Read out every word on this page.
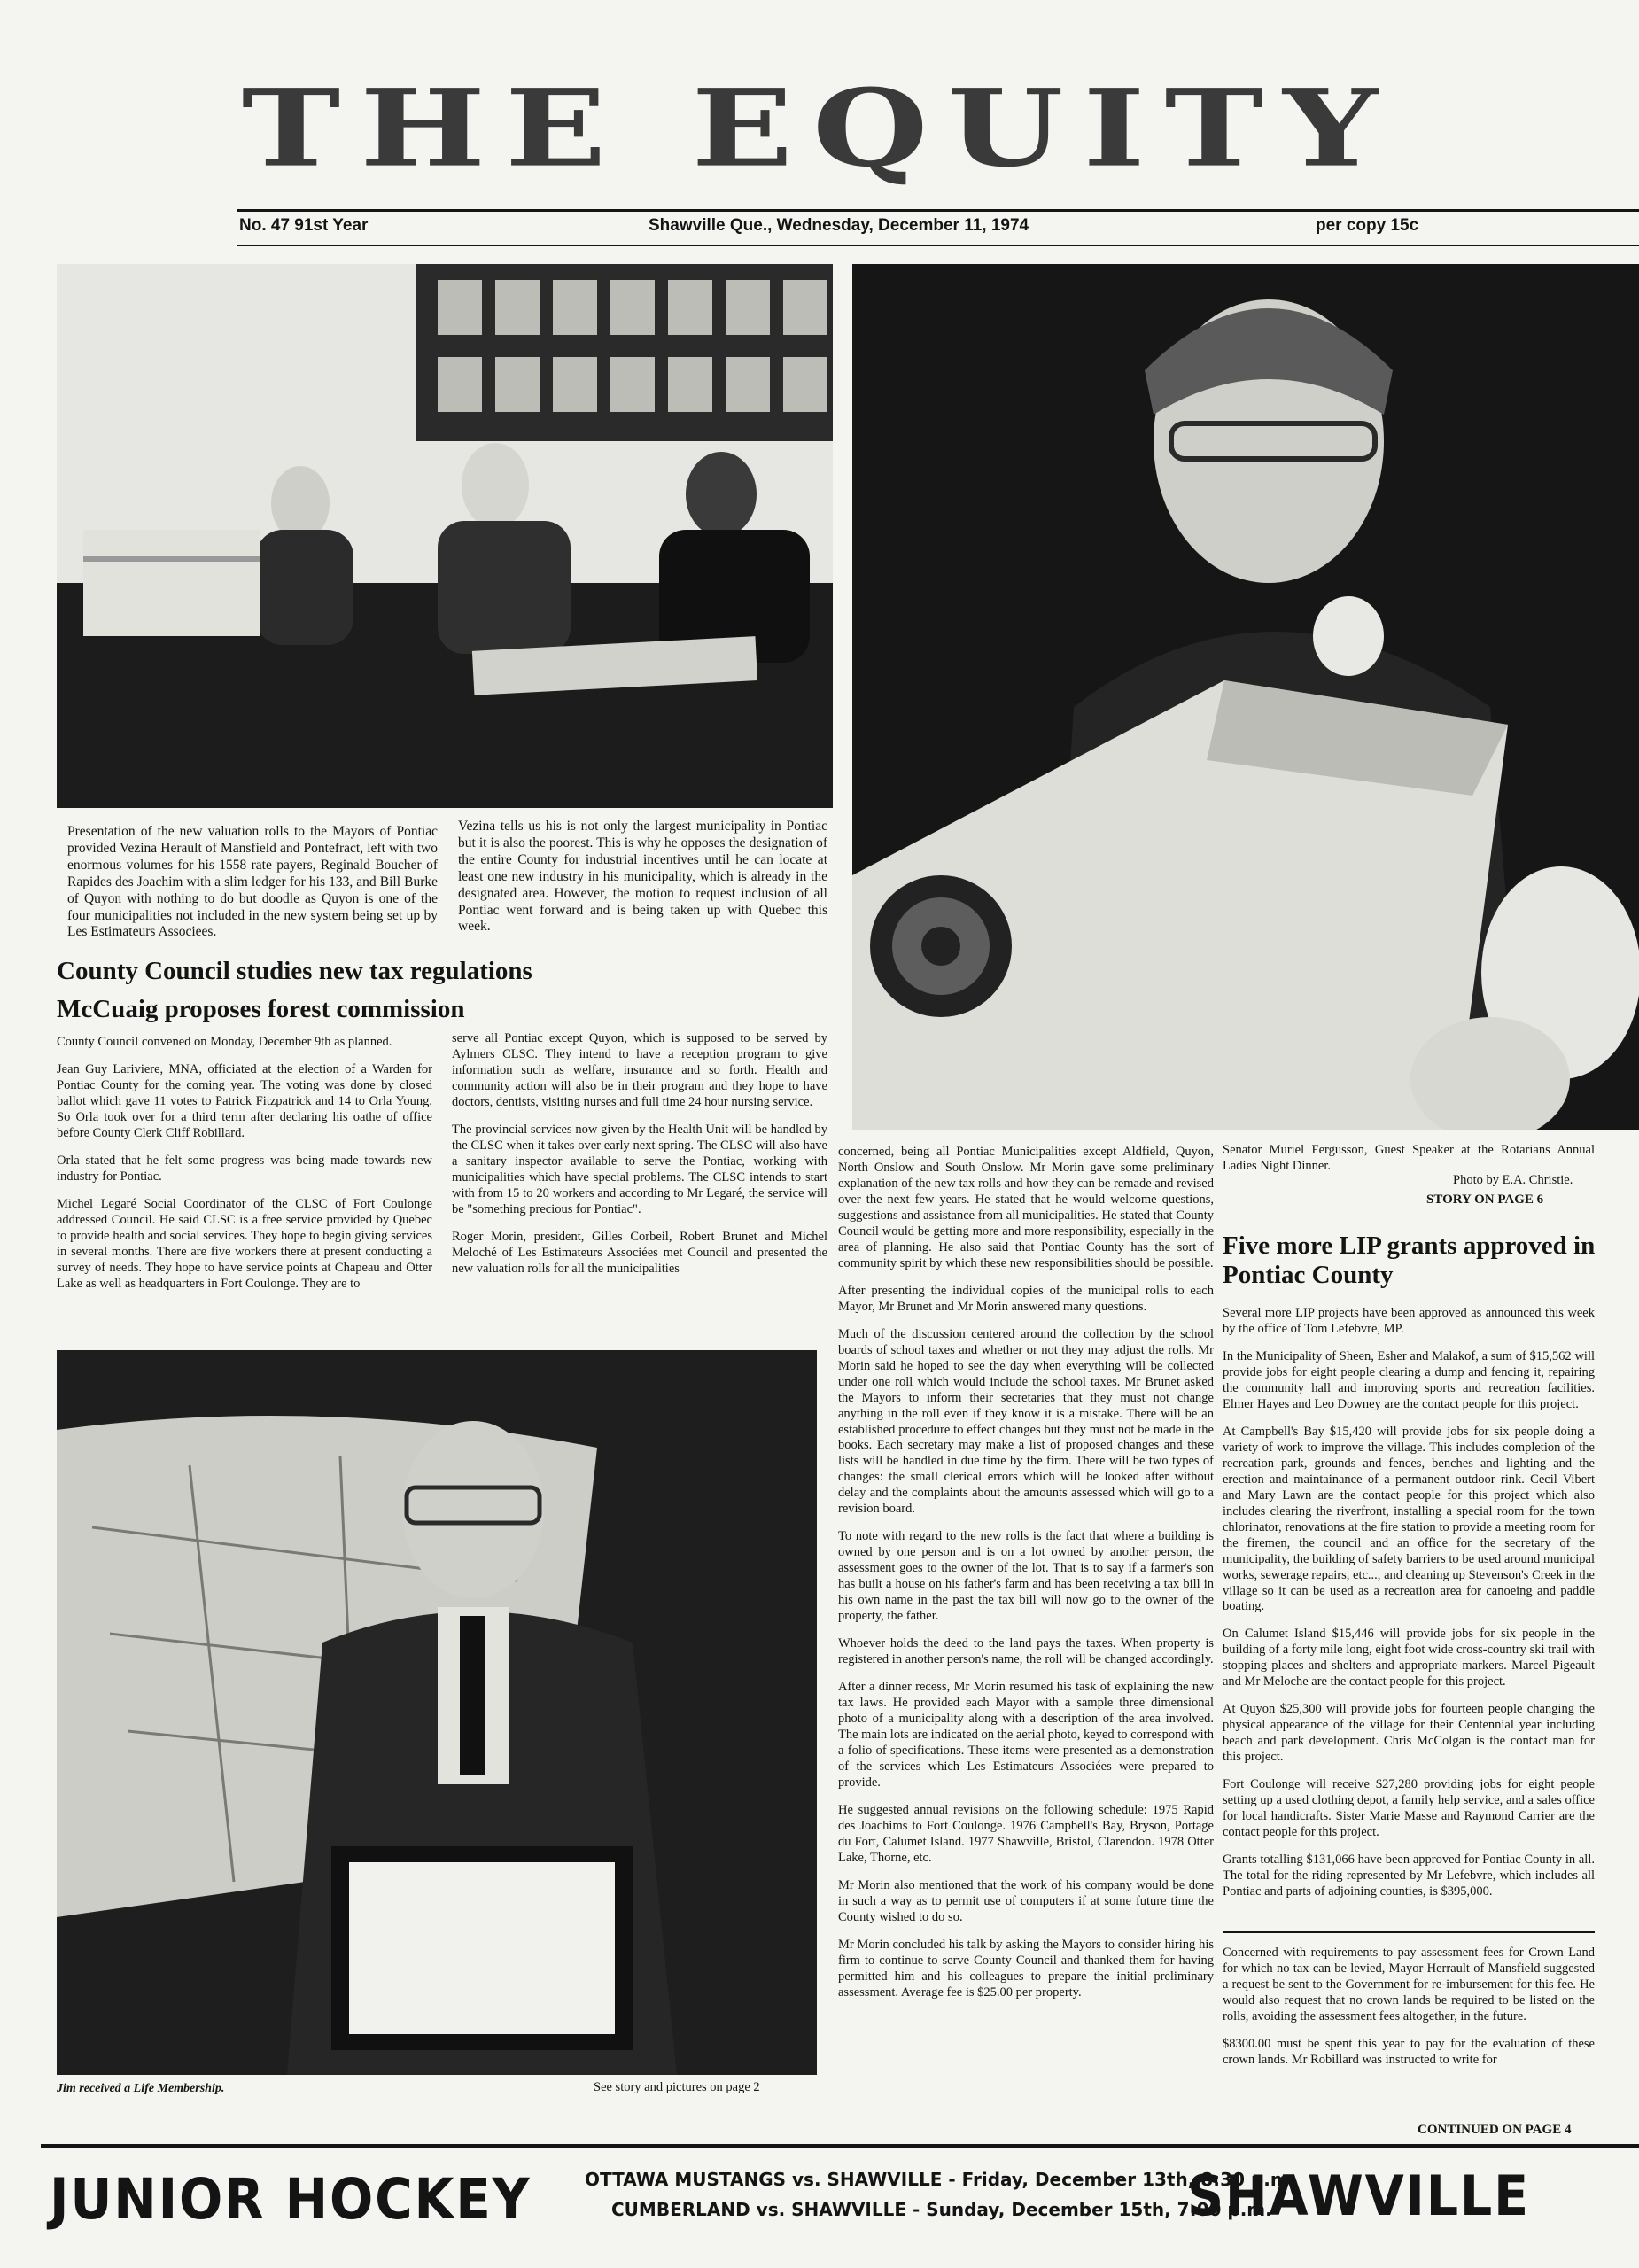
THE EQUITY
No. 47 91st Year	Shawville Que., Wednesday, December 11, 1974	per copy 15c
Presentation of the new valuation rolls to the Mayors of Pontiac provided Vezina Herault of Mansfield and Pontefract, left with two enormous volumes for his 1558 rate payers, Reginald Boucher of Rapides des Joachim with a slim ledger for his 133, and Bill Burke of Quyon with nothing to do but doodle as Quyon is one of the four municipalities not included in the new system being set up by Les Estimateurs Associees.
Vezina tells us his is not only the largest municipality in Pontiac but it is also the poorest. This is why he opposes the designation of the entire County for industrial incentives until he can locate at least one new industry in his municipality, which is already in the designated area. However, the motion to request inclusion of all Pontiac went forward and is being taken up with Quebec this week.
County Council studies new tax regulations
McCuaig proposes forest commission

County Council convened on Monday, December 9th as planned.

Jean Guy Lariviere, MNA, officiated at the election of a Warden for Pontiac County for the coming year. The voting was done by closed ballot which gave 11 votes to Patrick Fitzpatrick and 14 to Orla Young. So Orla took over for a third term after declaring his oathe of office before County Clerk Cliff Robillard.

Orla stated that he felt some progress was being made towards new industry for Pontiac.

Michel Legaré Social Coordinator of the CLSC of Fort Coulonge addressed Council. He said CLSC is a free service provided by Quebec to provide health and social services. They hope to begin giving services in several months. There are five workers there at present conducting a survey of needs. They hope to have service points at Chapeau and Otter Lake as well as headquarters in Fort Coulonge. They are to

serve all Pontiac except Quyon, which is supposed to be served by Aylmers CLSC. They intend to have a reception program to give information such as welfare, insurance and so forth. Health and community action will also be in their program and they hope to have doctors, dentists, visiting nurses and full time 24 hour nursing service.

The provincial services now given by the Health Unit will be handled by the CLSC when it takes over early next spring. The CLSC will also have a sanitary inspector available to serve the Pontiac, working with municipalities which have special problems. The CLSC intends to start with from 15 to 20 workers and according to Mr Legaré, the service will be "something precious for Pontiac".

Roger Morin, president, Gilles Corbeil, Robert Brunet and Michel Meloché of Les Estimateurs Associées met Council and presented the new valuation rolls for all the municipalities

concerned, being all Pontiac Municipalities except Aldfield, Quyon, North Onslow and South Onslow. Mr Morin gave some preliminary explanation of the new tax rolls and how they can be remade and revised over the next few years. He stated that he would welcome questions, suggestions and assistance from all municipalities. He stated that County Council would be getting more and more responsibility, especially in the area of planning. He also said that Pontiac County has the sort of community spirit by which these new responsibilities should be possible.

After presenting the individual copies of the municipal rolls to each Mayor, Mr Brunet and Mr Morin answered many questions.

Much of the discussion centered around the collection by the school boards of school taxes and whether or not they may adjust the rolls. Mr Morin said he hoped to see the day when everything will be collected under one roll which would include the school taxes. Mr Brunet asked the Mayors to inform their secretaries that they must not change anything in the roll even if they know it is a mistake. There will be an established procedure to effect changes but they must not be made in the books. Each secretary may make a list of proposed changes and these lists will be handled in due time by the firm. There will be two types of changes: the small clerical errors which will be looked after without delay and the complaints about the amounts assessed which will go to a revision board.

To note with regard to the new rolls is the fact that where a building is owned by one person and is on a lot owned by another person, the assessment goes to the owner of the lot. That is to say if a farmer's son has built a house on his father's farm and has been receiving a tax bill in his own name in the past the tax bill will now go to the owner of the property, the father.

Whoever holds the deed to the land pays the taxes. When property is registered in another person's name, the roll will be changed accordingly.

After a dinner recess, Mr Morin resumed his task of explaining the new tax laws. He provided each Mayor with a sample three dimensional photo of a municipality along with a description of the area involved. The main lots are indicated on the aerial photo, keyed to correspond with a folio of specifications. These items were presented as a demonstration of the services which Les Estimateurs Associées were prepared to provide.

He suggested annual revisions on the following schedule: 1975 Rapid des Joachims to Fort Coulonge. 1976 Campbell's Bay, Bryson, Portage du Fort, Calumet Island. 1977 Shawville, Bristol, Clarendon. 1978 Otter Lake, Thorne, etc.

Mr Morin also mentioned that the work of his company would be done in such a way as to permit use of computers if at some future time the County wished to do so.

Mr Morin concluded his talk by asking the Mayors to consider hiring his firm to continue to serve County Council and thanked them for having permitted him and his colleagues to prepare the initial preliminary assessment. Average fee is $25.00 per property.

Senator Muriel Fergusson, Guest Speaker at the Rotarians Annual Ladies Night Dinner.
Photo by E.A. Christie.
STORY ON PAGE 6
Five more LIP grants approved in Pontiac County

Several more LIP projects have been approved as announced this week by the office of Tom Lefebvre, MP.

In the Municipality of Sheen, Esher and Malakof, a sum of $15,562 will provide jobs for eight people clearing a dump and fencing it, repairing the community hall and improving sports and recreation facilities. Elmer Hayes and Leo Downey are the contact people for this project.

At Campbell's Bay $15,420 will provide jobs for six people doing a variety of work to improve the village. This includes completion of the recreation park, grounds and fences, benches and lighting and the erection and maintainance of a permanent outdoor rink. Cecil Vibert and Mary Lawn are the contact people for this project which also includes clearing the riverfront, installing a special room for the town chlorinator, renovations at the fire station to provide a meeting room for the firemen, the council and an office for the secretary of the municipality, the building of safety barriers to be used around municipal works, sewerage repairs, etc..., and cleaning up Stevenson's Creek in the village so it can be used as a recreation area for canoeing and paddle boating.

On Calumet Island $15,446 will provide jobs for six people in the building of a forty mile long, eight foot wide cross-country ski trail with stopping places and shelters and appropriate markers. Marcel Pigeault and Mr Meloche are the contact people for this project.

At Quyon $25,300 will provide jobs for fourteen people changing the physical appearance of the village for their Centennial year including beach and park development. Chris McColgan is the contact man for this project.

Fort Coulonge will receive $27,280 providing jobs for eight people setting up a used clothing depot, a family help service, and a sales office for local handicrafts. Sister Marie Masse and Raymond Carrier are the contact people for this project.

Grants totalling $131,066 have been approved for Pontiac County in all. The total for the riding represented by Mr Lefebvre, which includes all Pontiac and parts of adjoining counties, is $395,000.

Concerned with requirements to pay assessment fees for Crown Land for which no tax can be levied, Mayor Herrault of Mansfield suggested a request be sent to the Government for re-imbursement for this fee. He would also request that no crown lands be required to be listed on the rolls, avoiding the assessment fees altogether, in the future.

$8300.00 must be spent this year to pay for the evaluation of these crown lands. Mr Robillard was instructed to write for

CONTINUED ON PAGE 4
Jim received a Life Membership.	See story and pictures on page 2
JUNIOR HOCKEY	OTTAWA MUSTANGS vs. SHAWVILLE - Friday, December 13th, 8:30 p.m.
CUMBERLAND vs. SHAWVILLE - Sunday, December 15th, 7:00 p.m.
SHAWVILLE
